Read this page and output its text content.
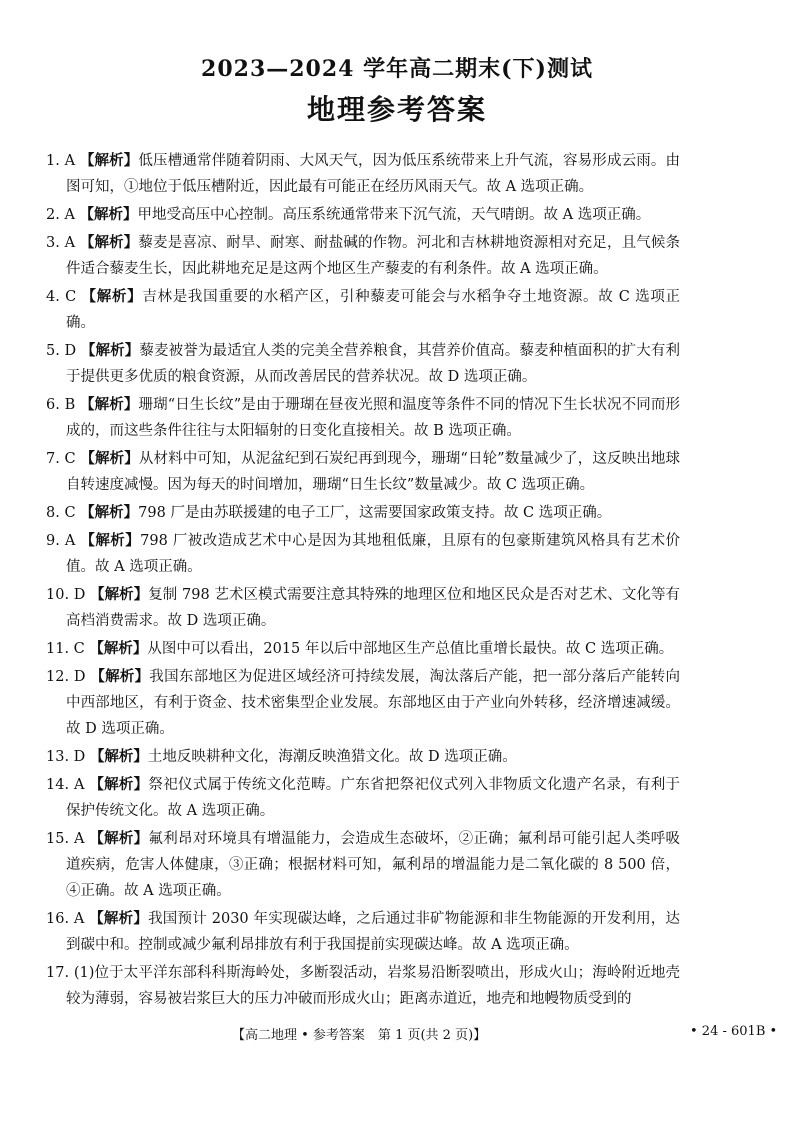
2023—2024 学年高二期末(下)测试
地理参考答案
1. A 【解析】低压槽通常伴随着阴雨、大风天气，因为低压系统带来上升气流，容易形成云雨。由图可知，①地位于低压槽附近，因此最有可能正在经历风雨天气。故 A 选项正确。
2. A 【解析】甲地受高压中心控制。高压系统通常带来下沉气流，天气晴朗。故 A 选项正确。
3. A 【解析】藜麦是喜凉、耐旱、耐寒、耐盐碱的作物。河北和吉林耕地资源相对充足，且气候条件适合藜麦生长，因此耕地充足是这两个地区生产藜麦的有利条件。故 A 选项正确。
4. C 【解析】吉林是我国重要的水稻产区，引种藜麦可能会与水稻争夺土地资源。故 C 选项正确。
5. D 【解析】藜麦被誉为最适宜人类的完美全营养粮食，其营养价值高。藜麦种植面积的扩大有利于提供更多优质的粮食资源，从而改善居民的营养状况。故 D 选项正确。
6. B 【解析】珊瑚“日生长纹”是由于珊瑚在昼夜光照和温度等条件不同的情况下生长状况不同而形成的，而这些条件往往与太阳辐射的日变化直接相关。故 B 选项正确。
7. C 【解析】从材料中可知，从泥盆纪到石炭纪再到现今，珊瑚“日轮”数量减少了，这反映出地球自转速度减慢。因为每天的时间增加，珊瑚“日生长纹”数量减少。故 C 选项正确。
8. C 【解析】798 厂是由苏联援建的电子工厂，这需要国家政策支持。故 C 选项正确。
9. A 【解析】798 厂被改造成艺术中心是因为其地租低廉，且原有的包豪斯建筑风格具有艺术价值。故 A 选项正确。
10. D 【解析】复制 798 艺术区模式需要注意其特殊的地理区位和地区民众是否对艺术、文化等有高档消费需求。故 D 选项正确。
11. C 【解析】从图中可以看出，2015 年以后中部地区生产总值比重增长最快。故 C 选项正确。
12. D 【解析】我国东部地区为促进区域经济可持续发展，淘汰落后产能，把一部分落后产能转向中西部地区，有利于资金、技术密集型企业发展。东部地区由于产业向外转移，经济增速减缓。故 D 选项正确。
13. D 【解析】土地反映耕种文化，海潮反映渔猎文化。故 D 选项正确。
14. A 【解析】祭祀仪式属于传统文化范畴。广东省把祭祀仪式列入非物质文化遗产名录，有利于保护传统文化。故 A 选项正确。
15. A 【解析】氟利昂对环境具有增温能力，会造成生态破坏，②正确；氟利昂可能引起人类呼吸道疾病，危害人体健康，③正确；根据材料可知，氟利昂的增温能力是二氧化碳的 8 500 倍，④正确。故 A 选项正确。
16. A 【解析】我国预计 2030 年实现碳达峰，之后通过非矿物能源和非生物能源的开发利用，达到碳中和。控制或减少氟利昂排放有利于我国提前实现碳达峰。故 A 选项正确。
17. (1)位于太平洋东部科科斯海岭处，多断裂活动，岩浆易沿断裂喷出，形成火山；海岭附近地壳较为薄弱，容易被岩浆巨大的压力冲破而形成火山；距离赤道近，地壳和地幔物质受到的
【高二地理 • 参考答案　第 1 页(共 2 页)】	• 24 - 601B •
